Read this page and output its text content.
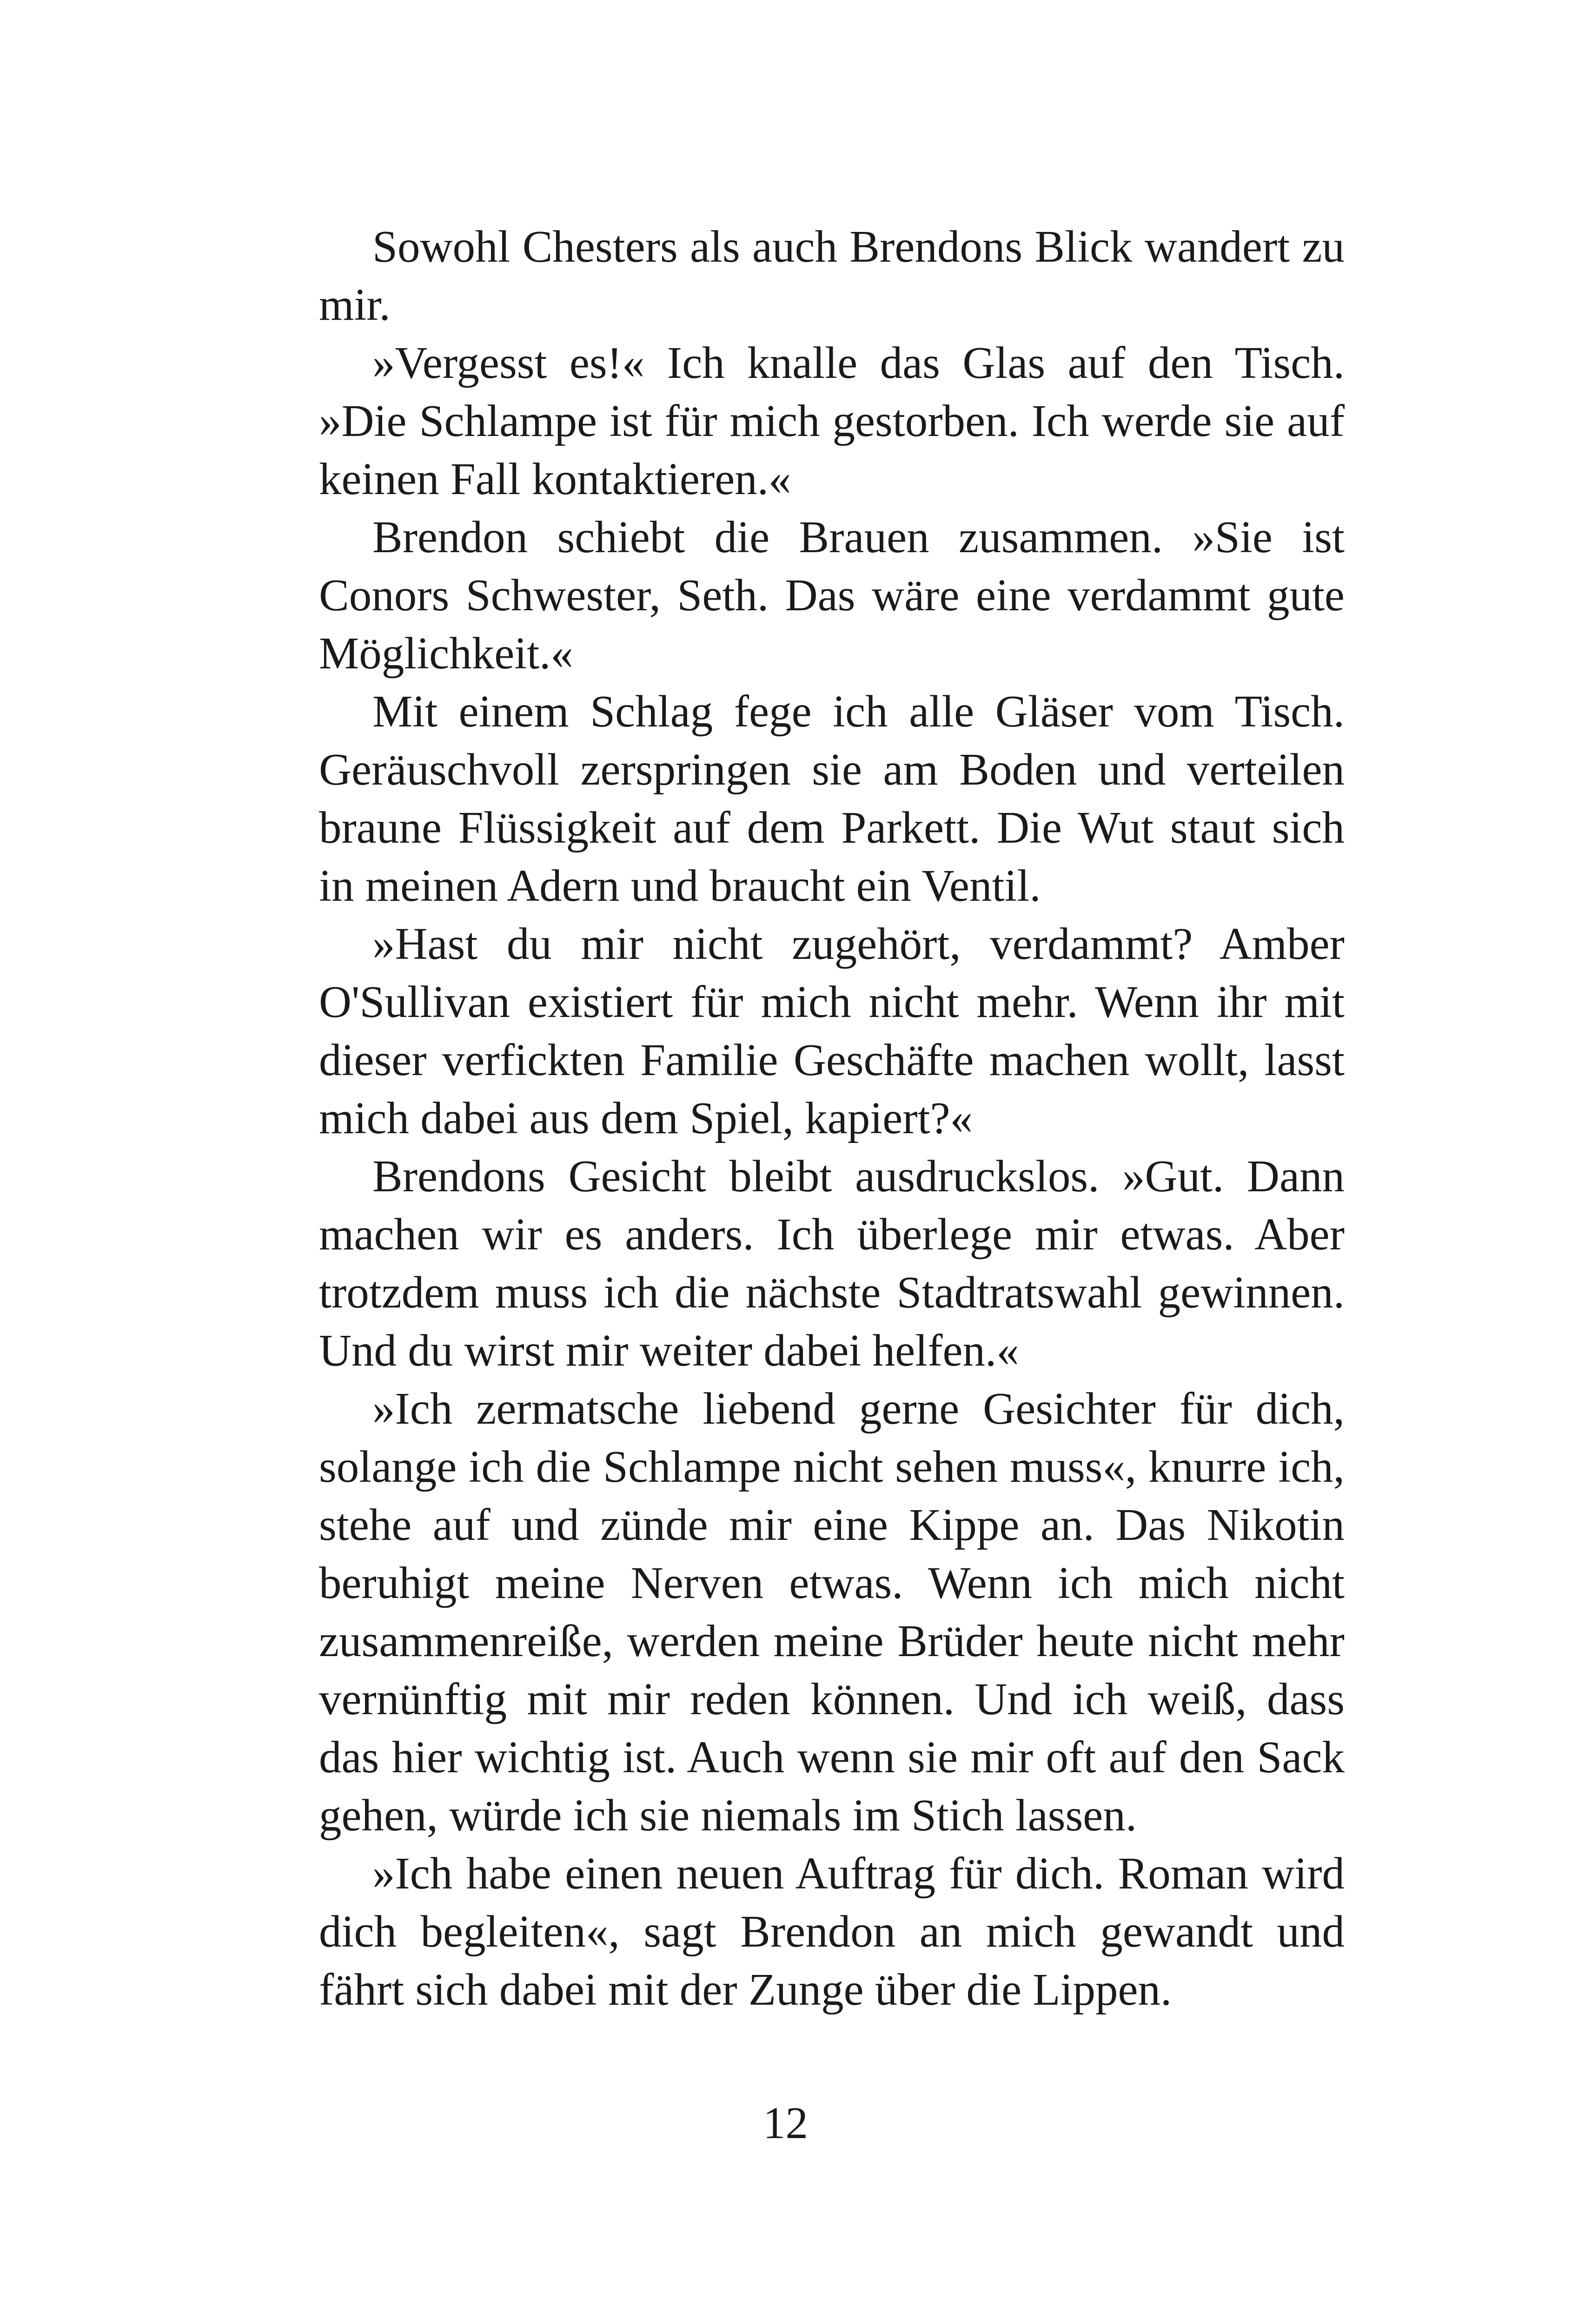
Sowohl Chesters als auch Brendons Blick wandert zu mir.

»Vergesst es!« Ich knalle das Glas auf den Tisch. »Die Schlampe ist für mich gestorben. Ich werde sie auf keinen Fall kontaktieren.«

Brendon schiebt die Brauen zusammen. »Sie ist Conors Schwester, Seth. Das wäre eine verdammt gute Möglichkeit.«

Mit einem Schlag fege ich alle Gläser vom Tisch. Geräuschvoll zerspringen sie am Boden und verteilen braune Flüssigkeit auf dem Parkett. Die Wut staut sich in meinen Adern und braucht ein Ventil.

»Hast du mir nicht zugehört, verdammt? Amber O'Sullivan existiert für mich nicht mehr. Wenn ihr mit dieser verfickten Familie Geschäfte machen wollt, lasst mich dabei aus dem Spiel, kapiert?«

Brendons Gesicht bleibt ausdruckslos. »Gut. Dann machen wir es anders. Ich überlege mir etwas. Aber trotzdem muss ich die nächste Stadtratswahl gewinnen. Und du wirst mir weiter dabei helfen.«

»Ich zermatsche liebend gerne Gesichter für dich, solange ich die Schlampe nicht sehen muss«, knurre ich, stehe auf und zünde mir eine Kippe an. Das Nikotin beruhigt meine Nerven etwas. Wenn ich mich nicht zusammenreiße, werden meine Brüder heute nicht mehr vernünftig mit mir reden können. Und ich weiß, dass das hier wichtig ist. Auch wenn sie mir oft auf den Sack gehen, würde ich sie niemals im Stich lassen.

»Ich habe einen neuen Auftrag für dich. Roman wird dich begleiten«, sagt Brendon an mich gewandt und fährt sich dabei mit der Zunge über die Lippen.

12
